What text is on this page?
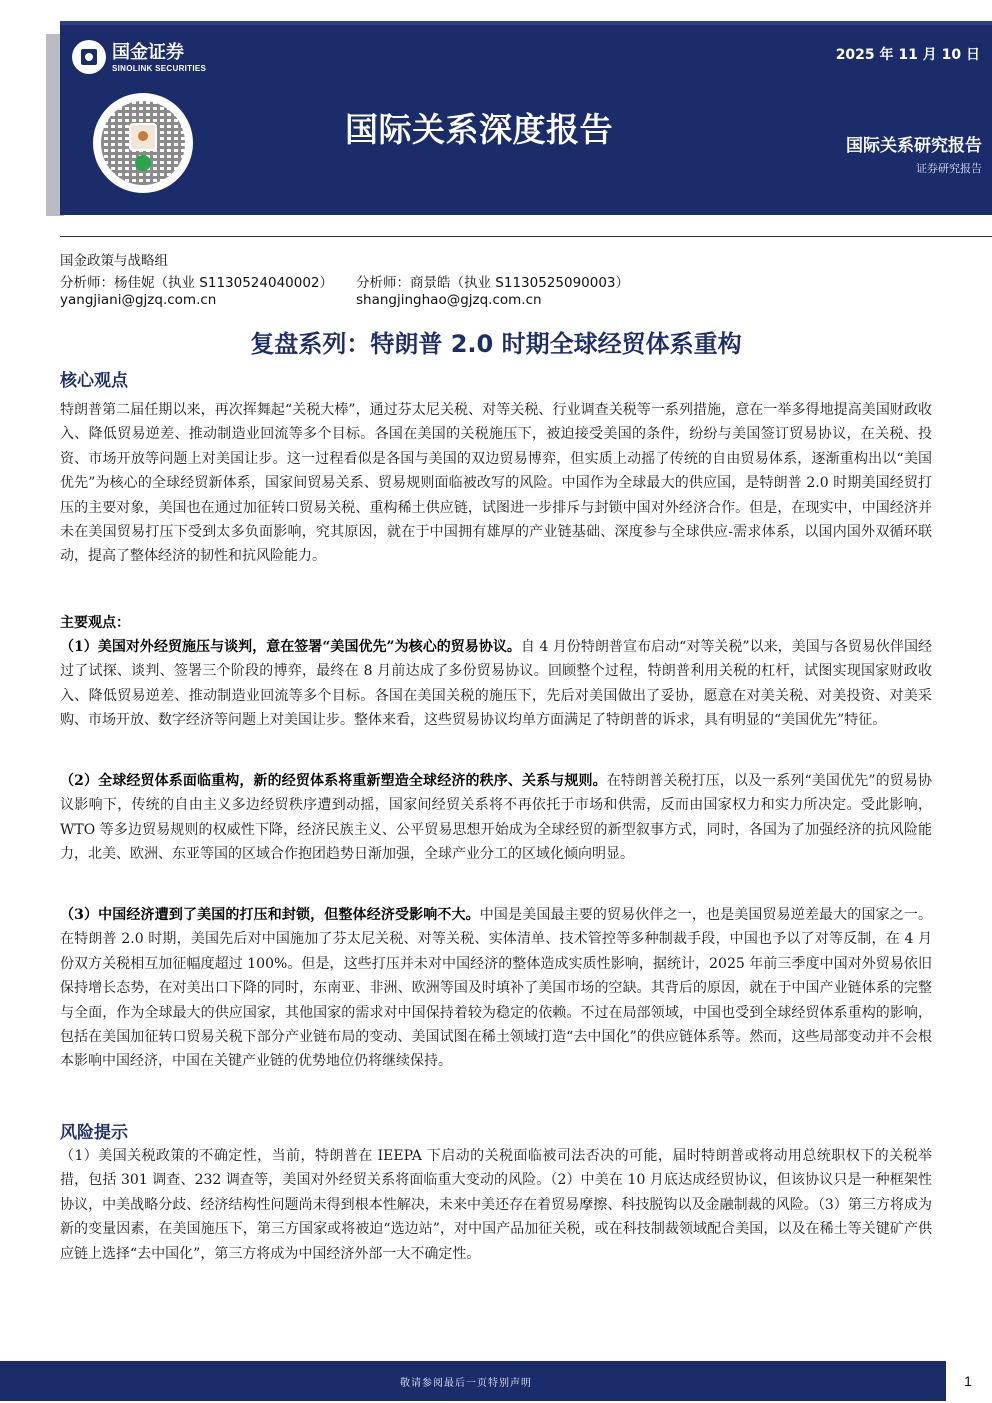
国金证券
SINOLINK SECURITIES
2025 年 11 月 10 日
国际关系深度报告	国际关系研究报告
证券研究报告
国金政策与战略组
分析师：杨佳妮（执业 S1130524040002） 分析师：商景皓（执业 S1130525090003）
yangjiani@gjzq.com.cn	shangjinghao@gjzq.com.cn
复盘系列：特朗普 2.0 时期全球经贸体系重构
核心观点
特朗普第二届任期以来，再次挥舞起“关税大棒”，通过芬太尼关税、对等关税、行业调查关税等一系列措施，意在一举多得地提高美国财政收入、降低贸易逆差、推动制造业回流等多个目标。各国在美国的关税施压下，被迫接受美国的条件，纷纷与美国签订贸易协议，在关税、投资、市场开放等问题上对美国让步。这一过程看似是各国与美国的双边贸易博弈，但实质上动摇了传统的自由贸易体系，逐渐重构出以“美国优先”为核心的全球经贸新体系，国家间贸易关系、贸易规则面临被改写的风险。中国作为全球最大的供应国，是特朗普 2.0 时期美国经贸打压的主要对象，美国也在通过加征转口贸易关税、重构稀土供应链，试图进一步排斥与封锁中国对外经济合作。但是，在现实中，中国经济并未在美国贸易打压下受到太多负面影响，究其原因，就在于中国拥有雄厚的产业链基础、深度参与全球供应-需求体系，以国内国外双循环联动，提高了整体经济的韧性和抗风险能力。
主要观点：
（1）美国对外经贸施压与谈判，意在签署“美国优先”为核心的贸易协议。自 4 月份特朗普宣布启动“对等关税”以来，美国与各贸易伙伴国经过了试探、谈判、签署三个阶段的博弈，最终在 8 月前达成了多份贸易协议。回顾整个过程，特朗普利用关税的杠杆，试图实现国家财政收入、降低贸易逆差、推动制造业回流等多个目标。各国在美国关税的施压下，先后对美国做出了妥协，愿意在对美关税、对美投资、对美采购、市场开放、数字经济等问题上对美国让步。整体来看，这些贸易协议均单方面满足了特朗普的诉求，具有明显的“美国优先”特征。
（2）全球经贸体系面临重构，新的经贸体系将重新塑造全球经济的秩序、关系与规则。在特朗普关税打压，以及一系列“美国优先”的贸易协议影响下，传统的自由主义多边经贸秩序遭到动摇，国家间经贸关系将不再依托于市场和供需，反而由国家权力和实力所决定。受此影响，WTO 等多边贸易规则的权威性下降，经济民族主义、公平贸易思想开始成为全球经贸的新型叙事方式，同时，各国为了加强经济的抗风险能力，北美、欧洲、东亚等国的区域合作抱团趋势日渐加强，全球产业分工的区域化倾向明显。
（3）中国经济遭到了美国的打压和封锁，但整体经济受影响不大。中国是美国最主要的贸易伙伴之一，也是美国贸易逆差最大的国家之一。在特朗普 2.0 时期，美国先后对中国施加了芬太尼关税、对等关税、实体清单、技术管控等多种制裁手段，中国也予以了对等反制，在 4 月份双方关税相互加征幅度超过 100%。但是，这些打压并未对中国经济的整体造成实质性影响，据统计，2025 年前三季度中国对外贸易依旧保持增长态势，在对美出口下降的同时，东南亚、非洲、欧洲等国及时填补了美国市场的空缺。其背后的原因，就在于中国产业链体系的完整与全面，作为全球最大的供应国家，其他国家的需求对中国保持着较为稳定的依赖。不过在局部领域，中国也受到全球经贸体系重构的影响，包括在美国加征转口贸易关税下部分产业链布局的变动、美国试图在稀土领域打造“去中国化”的供应链体系等。然而，这些局部变动并不会根本影响中国经济，中国在关键产业链的优势地位仍将继续保持。
风险提示
（1）美国关税政策的不确定性，当前，特朗普在 IEEPA 下启动的关税面临被司法否决的可能，届时特朗普或将动用总统职权下的关税举措，包括 301 调查、232 调查等，美国对外经贸关系将面临重大变动的风险。（2）中美在 10 月底达成经贸协议，但该协议只是一种框架性协议，中美战略分歧、经济结构性问题尚未得到根本性解决，未来中美还存在着贸易摩擦、科技脱钩以及金融制裁的风险。（3）第三方将成为新的变量因素，在美国施压下，第三方国家或将被迫“选边站”，对中国产品加征关税，或在科技制裁领域配合美国，以及在稀土等关键矿产供应链上选择“去中国化”，第三方将成为中国经济外部一大不确定性。
敬请参阅最后一页特别声明	1
